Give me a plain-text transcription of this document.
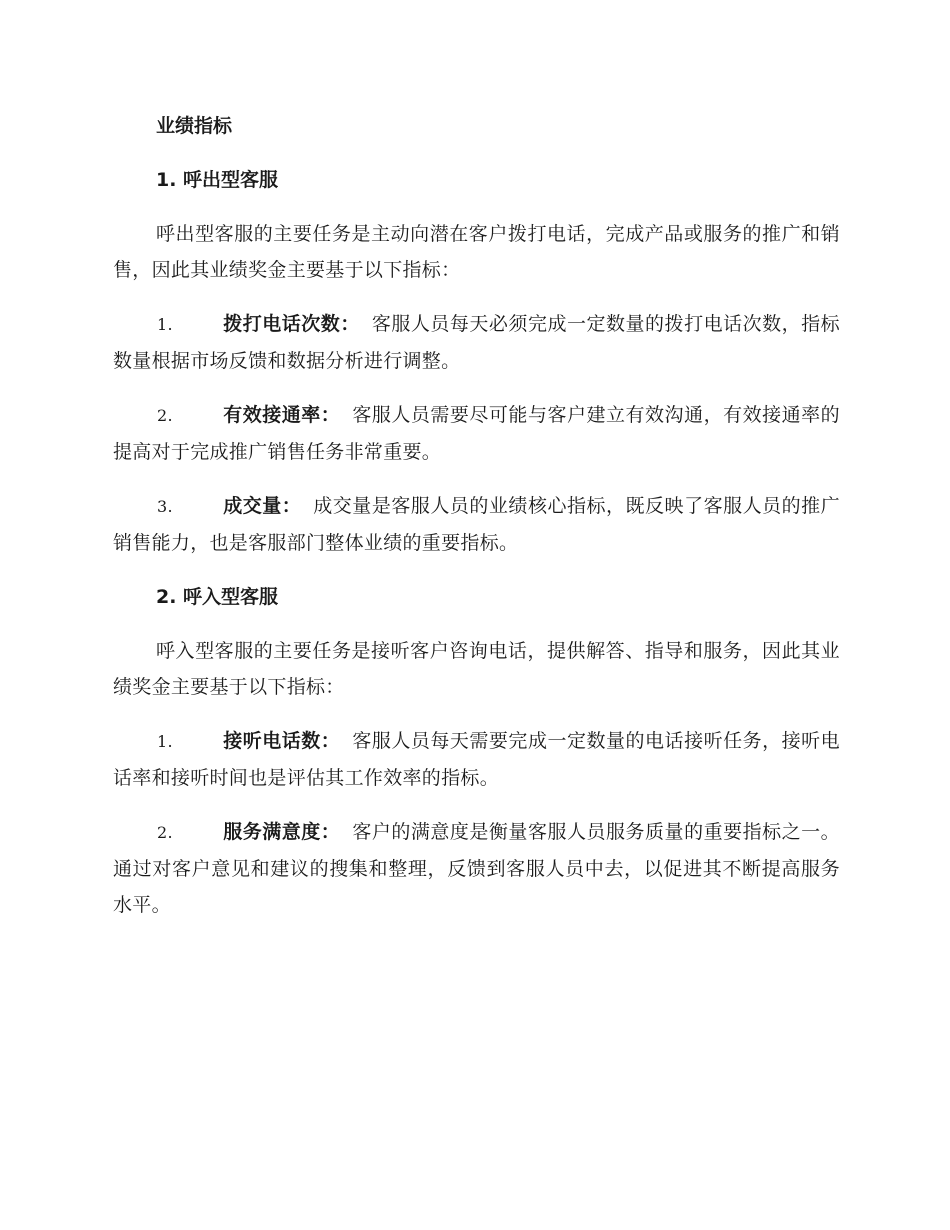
业绩指标
1. 呼出型客服

呼出型客服的主要任务是主动向潜在客户拨打电话，完成产品或服务的推广和销售，因此其业绩奖金主要基于以下指标：

1.	拨打电话次数： 客服人员每天必须完成一定数量的拨打电话次数，指标数量根据市场反馈和数据分析进行调整。

2.	有效接通率： 客服人员需要尽可能与客户建立有效沟通，有效接通率的提高对于完成推广销售任务非常重要。

3.	成交量： 成交量是客服人员的业绩核心指标，既反映了客服人员的推广销售能力，也是客服部门整体业绩的重要指标。

2. 呼入型客服

呼入型客服的主要任务是接听客户咨询电话，提供解答、指导和服务，因此其业绩奖金主要基于以下指标：

1.	接听电话数： 客服人员每天需要完成一定数量的电话接听任务，接听电话率和接听时间也是评估其工作效率的指标。

2.	服务满意度： 客户的满意度是衡量客服人员服务质量的重要指标之一。通过对客户意见和建议的搜集和整理，反馈到客服人员中去，以促进其不断提高服务水平。
